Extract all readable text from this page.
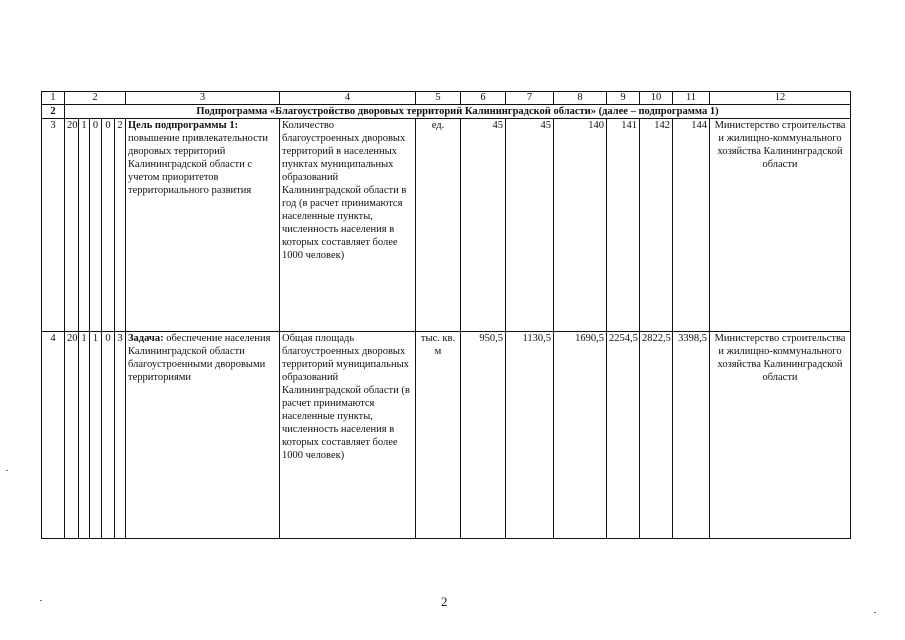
1	2					3	4	5	6	7	8	9	10	11	12
2	Подпрограмма «Благоустройство дворовых территорий Калининградской области» (далее – подпрограмма 1)														
3	20	1	0	0	2	Цель подпрограммы 1: повышение привлекательности дворовых территорий Калининградской области с учетом приоритетов территориального развития	Количество благоустроенных дворовых территорий в населенных пунктах муниципальных образований Калининградской области в год (в расчет принимаются населенные пункты, численность населения в которых составляет более 1000 человек)	ед.	45	45	140	141	142	144	Министерство строительства и жилищно-коммунального хозяйства Калининградской области
4	20	1	1	0	3	Задача: обеспечение населения Калининградской области благоустроенными дворовыми территориями	Общая площадь благоустроенных дворовых территорий муниципальных образований Калининградской области (в расчет принимаются населенные пункты, численность населения в которых составляет более 1000 человек)	тыс. кв. м	950,5	1130,5	1690,5	2254,5	2822,5	3398,5	Министерство строительства и жилищно-коммунального хозяйства Калининградской области
2
